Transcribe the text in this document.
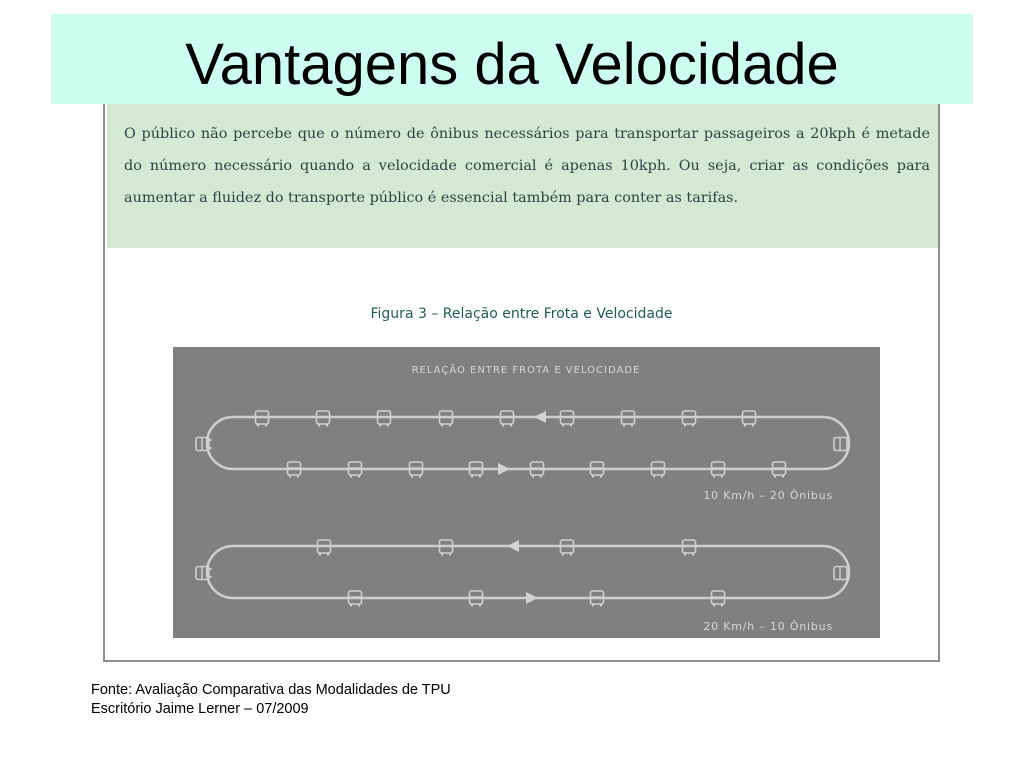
Vantagens da Velocidade
O público não percebe que o número de ônibus necessários para transportar passageiros a 20kph é metade do número necessário quando a velocidade comercial é apenas 10kph. Ou seja, criar as condições para aumentar a fluidez do transporte público é essencial também para conter as tarifas.
Figura 3 – Relação entre Frota e Velocidade
RELAÇÃO ENTRE FROTA E VELOCIDADE
10 Km/h – 20 Ônibus
20 Km/h – 10 Ônibus
Fonte: Avaliação Comparativa das Modalidades de TPU
Escritório Jaime Lerner – 07/2009
